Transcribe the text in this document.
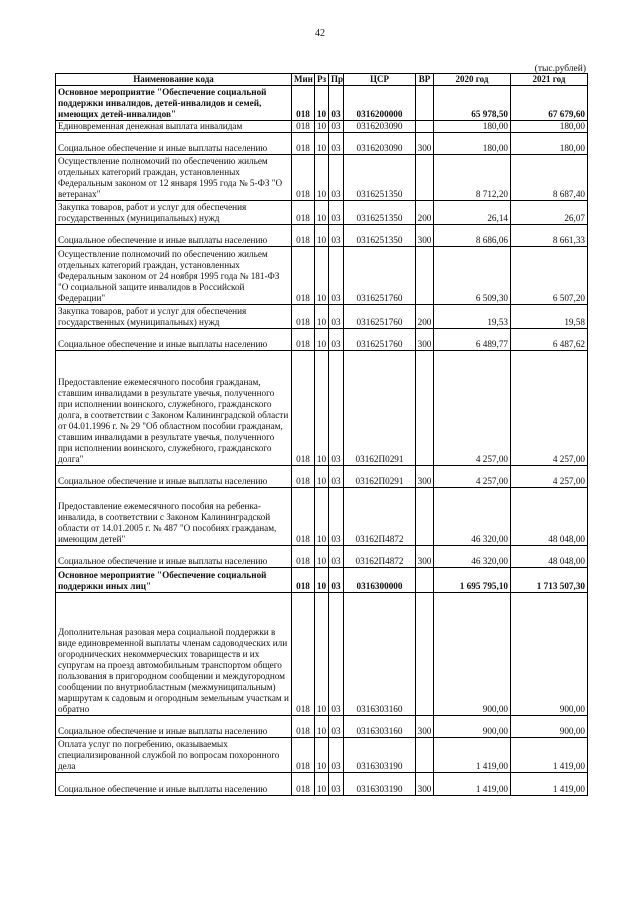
42
(тыс.рублей)
Наименование кода	Мин	Рз	Пр	ЦСР	ВР	2020 год	2021 год
Основное мероприятие "Обеспечение социальной поддержки инвалидов, детей-инвалидов и семей, имеющих детей-инвалидов"	018	10	03	0316200000		65 978,50	67 679,60
Единовременная денежная выплата инвалидам	018	10	03	0316203090		180,00	180,00
Социальное обеспечение и иные выплаты населению	018	10	03	0316203090	300	180,00	180,00
Осуществление полномочий по обеспечению жильем отдельных категорий граждан, установленных Федеральным законом от 12 января 1995 года № 5-ФЗ "О ветеранах"	018	10	03	0316251350		8 712,20	8 687,40
Закупка товаров, работ и услуг для обеспечения государственных (муниципальных) нужд	018	10	03	0316251350	200	26,14	26,07
Социальное обеспечение и иные выплаты населению	018	10	03	0316251350	300	8 686,06	8 661,33
Осуществление полномочий по обеспечению жильем отдельных категорий граждан, установленных Федеральным законом от 24 ноября 1995 года № 181-ФЗ "О социальной защите инвалидов в Российской Федерации"	018	10	03	0316251760		6 509,30	6 507,20
Закупка товаров, работ и услуг для обеспечения государственных (муниципальных) нужд	018	10	03	0316251760	200	19,53	19,58
Социальное обеспечение и иные выплаты населению	018	10	03	0316251760	300	6 489,77	6 487,62
Предоставление ежемесячного пособия гражданам, ставшим инвалидами в результате увечья, полученного при исполнении воинского, служебного, гражданского долга, в соответствии с Законом Калининградской области от 04.01.1996 г. № 29 "Об областном пособии гражданам, ставшим инвалидами в результате увечья, полученного при исполнении воинского, служебного, гражданского долга"	018	10	03	03162П0291		4 257,00	4 257,00
Социальное обеспечение и иные выплаты населению	018	10	03	03162П0291	300	4 257,00	4 257,00
Предоставление ежемесячного пособия на ребенка-инвалида, в соответствии с Законом Калининградской области от 14.01.2005 г. № 487 "О пособиях гражданам, имеющим детей"	018	10	03	03162П4872		46 320,00	48 048,00
Социальное обеспечение и иные выплаты населению	018	10	03	03162П4872	300	46 320,00	48 048,00
Основное мероприятие "Обеспечение социальной поддержки иных лиц"	018	10	03	0316300000		1 695 795,10	1 713 507,30
Дополнительная разовая мера социальной поддержки в виде единовременной выплаты членам садоводческих или огороднических некоммерческих товариществ и их супругам на проезд автомобильным транспортом общего пользования в пригородном сообщении и междугородном сообщении по внутриобластным (межмуниципальным) маршрутам к садовым и огородным земельным участкам и обратно	018	10	03	0316303160		900,00	900,00
Социальное обеспечение и иные выплаты населению	018	10	03	0316303160	300	900,00	900,00
Оплата услуг по погребению, оказываемых специализированной службой по вопросам похоронного дела	018	10	03	0316303190		1 419,00	1 419,00
Социальное обеспечение и иные выплаты населению	018	10	03	0316303190	300	1 419,00	1 419,00
